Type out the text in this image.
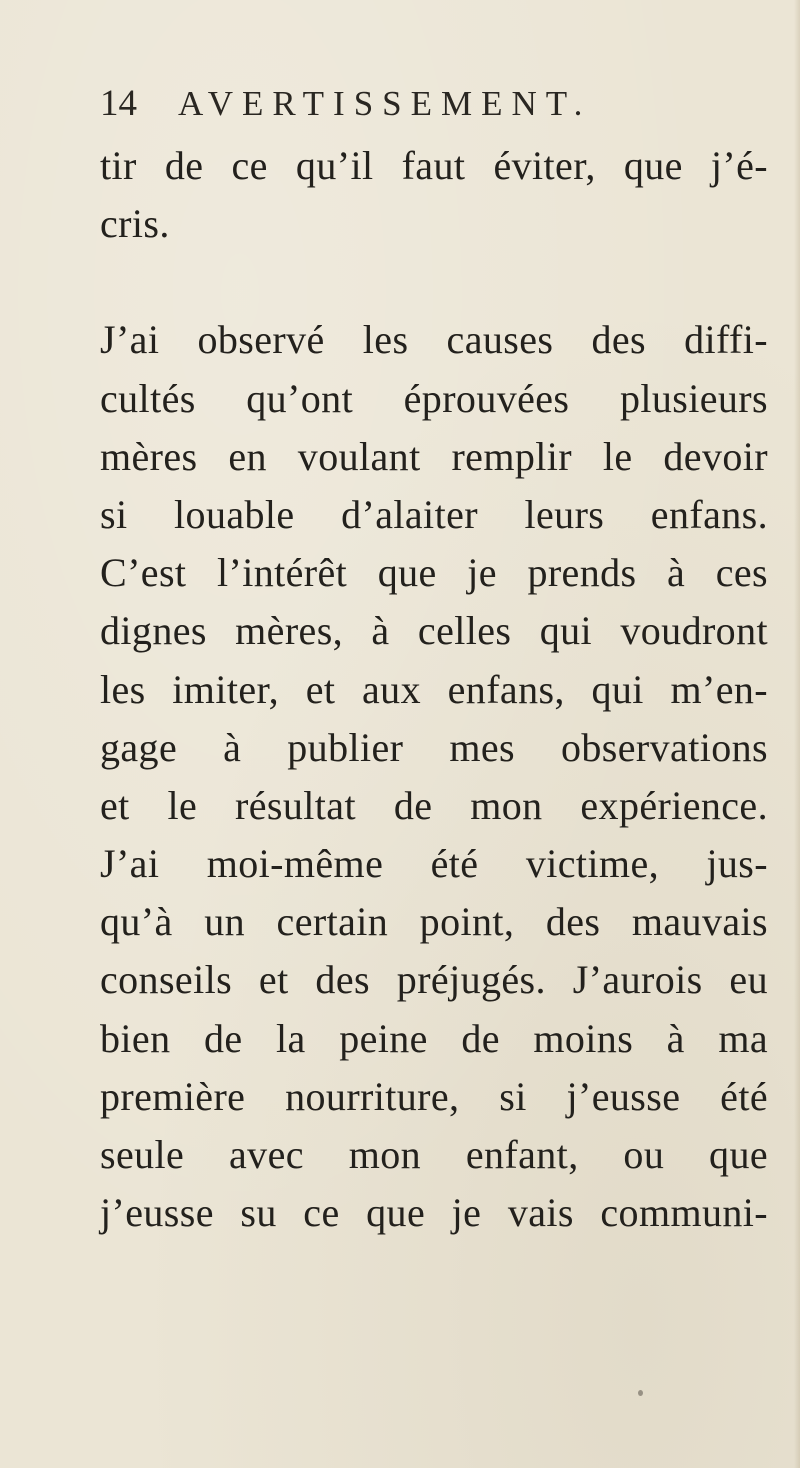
14 AVERTISSEMENT.
tir de ce qu’il faut éviter, que j’é-
cris.
J’ai observé les causes des diffi-
cultés qu’ont éprouvées plusieurs
mères en voulant remplir le devoir
si louable d’alaiter leurs enfans.
C’est l’intérêt que je prends à ces
dignes mères, à celles qui voudront
les imiter, et aux enfans, qui m’en-
gage à publier mes observations
et le résultat de mon expérience.
J’ai moi-même été victime, jus-
qu’à un certain point, des mauvais
conseils et des préjugés. J’aurois eu
bien de la peine de moins à ma
première nourriture, si j’eusse été
seule avec mon enfant, ou que
j’eusse su ce que je vais communi-
